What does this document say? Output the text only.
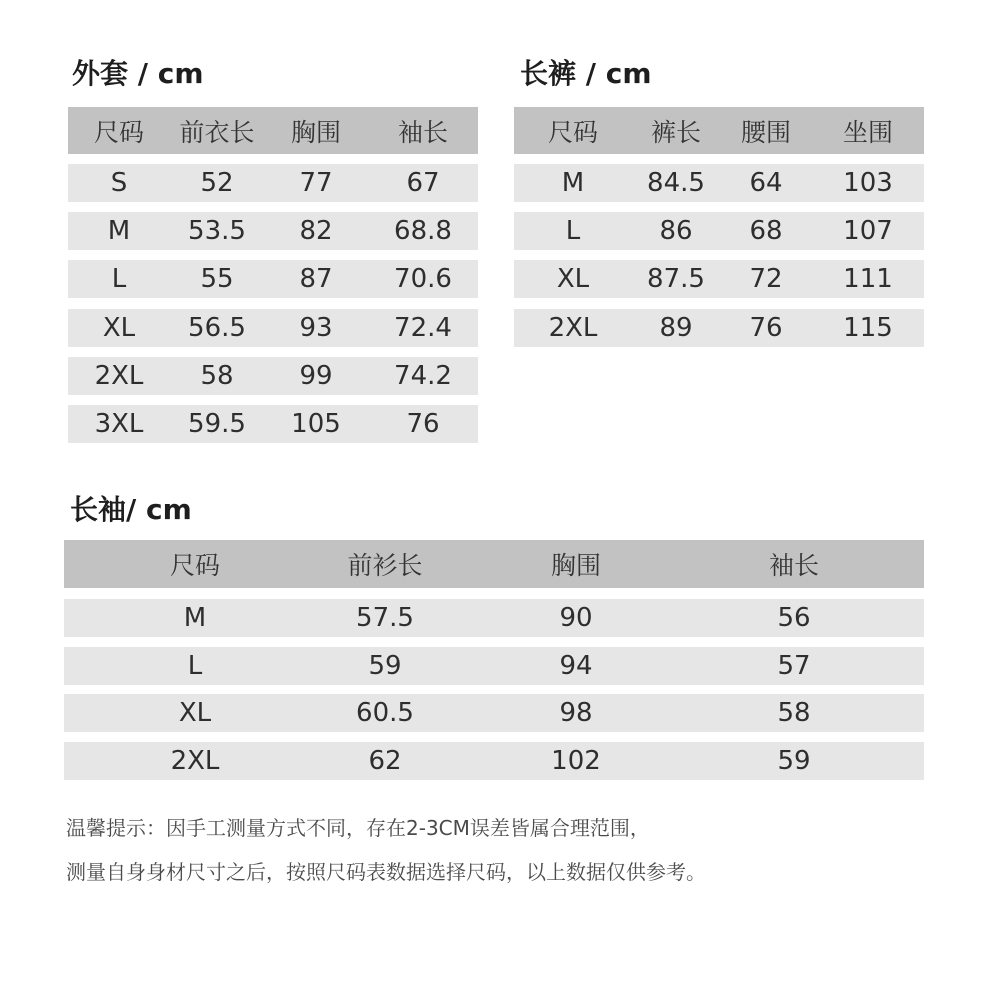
外套 / cm
尺码	前衣长	胸围	袖长
S	52	77	67
M	53.5	82	68.8
L	55	87	70.6
XL	56.5	93	72.4
2XL	58	99	74.2
3XL	59.5	105	76
长裤 / cm
尺码	裤长	腰围	坐围
M	84.5	64	103
L	86	68	107
XL	87.5	72	111
2XL	89	76	115
长袖/ cm
尺码	前衫长	胸围	袖长
M	57.5	90	56
L	59	94	57
XL	60.5	98	58
2XL	62	102	59
温馨提示：因手工测量方式不同，存在2-3CM误差皆属合理范围，
测量自身身材尺寸之后，按照尺码表数据选择尺码，以上数据仅供参考。
